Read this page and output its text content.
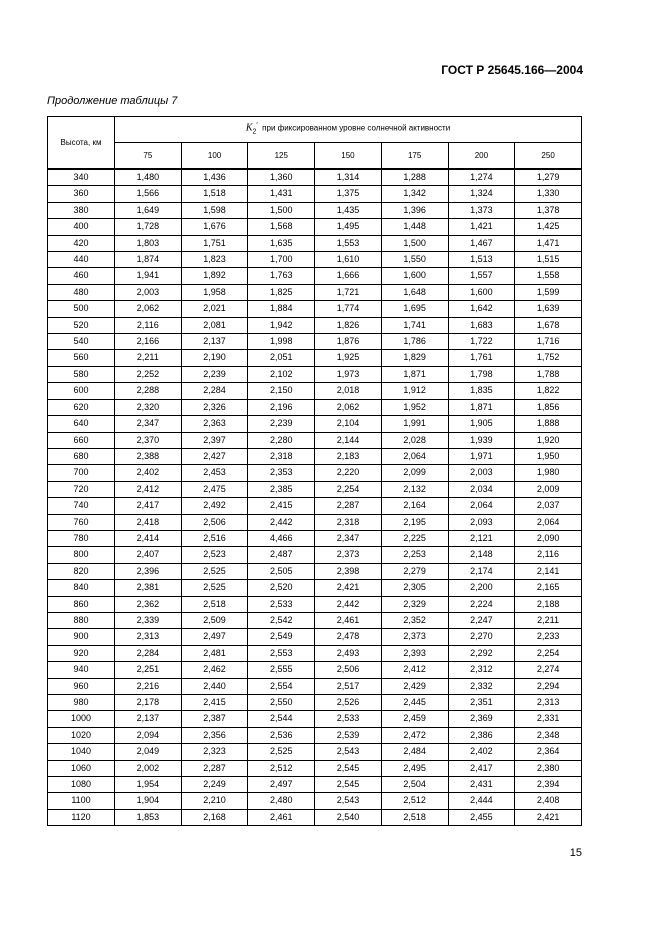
ГОСТ Р 25645.166—2004
Продолжение таблицы 7
Высота, км	K2′ при фиксированном уровне солнечной активности						
	75	100	125	150	175	200	250
340	1,480	1,436	1,360	1,314	1,288	1,274	1,279
360	1,566	1,518	1,431	1,375	1,342	1,324	1,330
380	1,649	1,598	1,500	1,435	1,396	1,373	1,378
400	1,728	1,676	1,568	1,495	1,448	1,421	1,425
420	1,803	1,751	1,635	1,553	1,500	1,467	1,471
440	1,874	1,823	1,700	1,610	1,550	1,513	1,515
460	1,941	1,892	1,763	1,666	1,600	1,557	1,558
480	2,003	1,958	1,825	1,721	1,648	1,600	1,599
500	2,062	2,021	1,884	1,774	1,695	1,642	1,639
520	2,116	2,081	1,942	1,826	1,741	1,683	1,678
540	2,166	2,137	1,998	1,876	1,786	1,722	1,716
560	2,211	2,190	2,051	1,925	1,829	1,761	1,752
580	2,252	2,239	2,102	1,973	1,871	1,798	1,788
600	2,288	2,284	2,150	2,018	1,912	1,835	1,822
620	2,320	2,326	2,196	2,062	1,952	1,871	1,856
640	2,347	2,363	2,239	2,104	1,991	1,905	1,888
660	2,370	2,397	2,280	2,144	2,028	1,939	1,920
680	2,388	2,427	2,318	2,183	2,064	1,971	1,950
700	2,402	2,453	2,353	2,220	2,099	2,003	1,980
720	2,412	2,475	2,385	2,254	2,132	2,034	2,009
740	2,417	2,492	2,415	2,287	2,164	2,064	2,037
760	2,418	2,506	2,442	2,318	2,195	2,093	2,064
780	2,414	2,516	4,466	2,347	2,225	2,121	2,090
800	2,407	2,523	2,487	2,373	2,253	2,148	2,116
820	2,396	2,525	2,505	2,398	2,279	2,174	2,141
840	2,381	2,525	2,520	2,421	2,305	2,200	2,165
860	2,362	2,518	2,533	2,442	2,329	2,224	2,188
880	2,339	2,509	2,542	2,461	2,352	2,247	2,211
900	2,313	2,497	2,549	2,478	2,373	2,270	2,233
920	2,284	2,481	2,553	2,493	2,393	2,292	2,254
940	2,251	2,462	2,555	2,506	2,412	2,312	2,274
960	2,216	2,440	2,554	2,517	2,429	2,332	2,294
980	2,178	2,415	2,550	2,526	2,445	2,351	2,313
1000	2,137	2,387	2,544	2,533	2,459	2,369	2,331
1020	2,094	2,356	2,536	2,539	2,472	2,386	2,348
1040	2,049	2,323	2,525	2,543	2,484	2,402	2,364
1060	2,002	2,287	2,512	2,545	2,495	2,417	2,380
1080	1,954	2,249	2,497	2,545	2,504	2,431	2,394
1100	1,904	2,210	2,480	2,543	2,512	2,444	2,408
1120	1,853	2,168	2,461	2,540	2,518	2,455	2,421
15
